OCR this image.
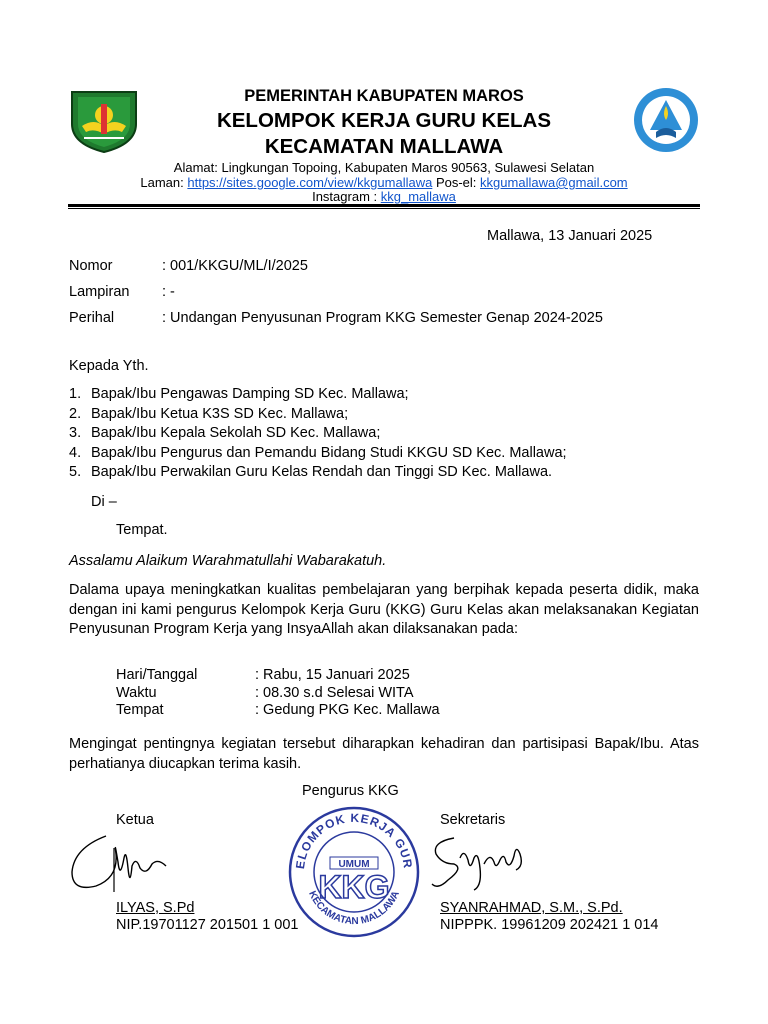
PEMERINTAH KABUPATEN MAROS
KELOMPOK KERJA GURU KELAS
KECAMATAN MALLAWA
Alamat: Lingkungan Topoing, Kabupaten Maros 90563, Sulawesi Selatan
Laman: https://sites.google.com/view/kkgumallawa Pos-el: kkgumallawa@gmail.com
Instagram : kkg_mallawa
Mallawa, 13 Januari 2025
Nomor	: 001/KKGU/ML/I/2025
Lampiran : -
Perihal	: Undangan Penyusunan Program KKG Semester Genap 2024-2025
Kepada Yth.
1. Bapak/Ibu Pengawas Damping SD Kec. Mallawa;
2. Bapak/Ibu Ketua K3S SD Kec. Mallawa;
3. Bapak/Ibu Kepala Sekolah SD Kec. Mallawa;
4. Bapak/Ibu Pengurus dan Pemandu Bidang Studi KKGU SD Kec. Mallawa;
5. Bapak/Ibu Perwakilan Guru Kelas Rendah dan Tinggi SD Kec. Mallawa.
Di –
Tempat.
Assalamu Alaikum Warahmatullahi Wabarakatuh.
Dalama upaya meningkatkan kualitas pembelajaran yang berpihak kepada peserta didik, maka dengan ini kami pengurus Kelompok Kerja Guru (KKG) Guru Kelas akan melaksanakan Kegiatan Penyusunan Program Kerja yang InsyaAllah akan dilaksanakan pada:
Hari/Tanggal	: Rabu, 15 Januari 2025
Waktu	: 08.30 s.d Selesai WITA
Tempat	: Gedung PKG Kec. Mallawa
Mengingat pentingnya kegiatan tersebut diharapkan kehadiran dan partisipasi Bapak/Ibu. Atas perhatianya diucapkan terima kasih.
Pengurus KKG
Ketua	Sekretaris
ELOMPOK KERJA GUR
KECAMATAN MALLAWA
UMUM
KKG
ILYAS, S.Pd
NIP.19701127 201501 1 001
SYANRAHMAD, S.M., S.Pd.
NIPPPK. 19961209 202421 1 014
